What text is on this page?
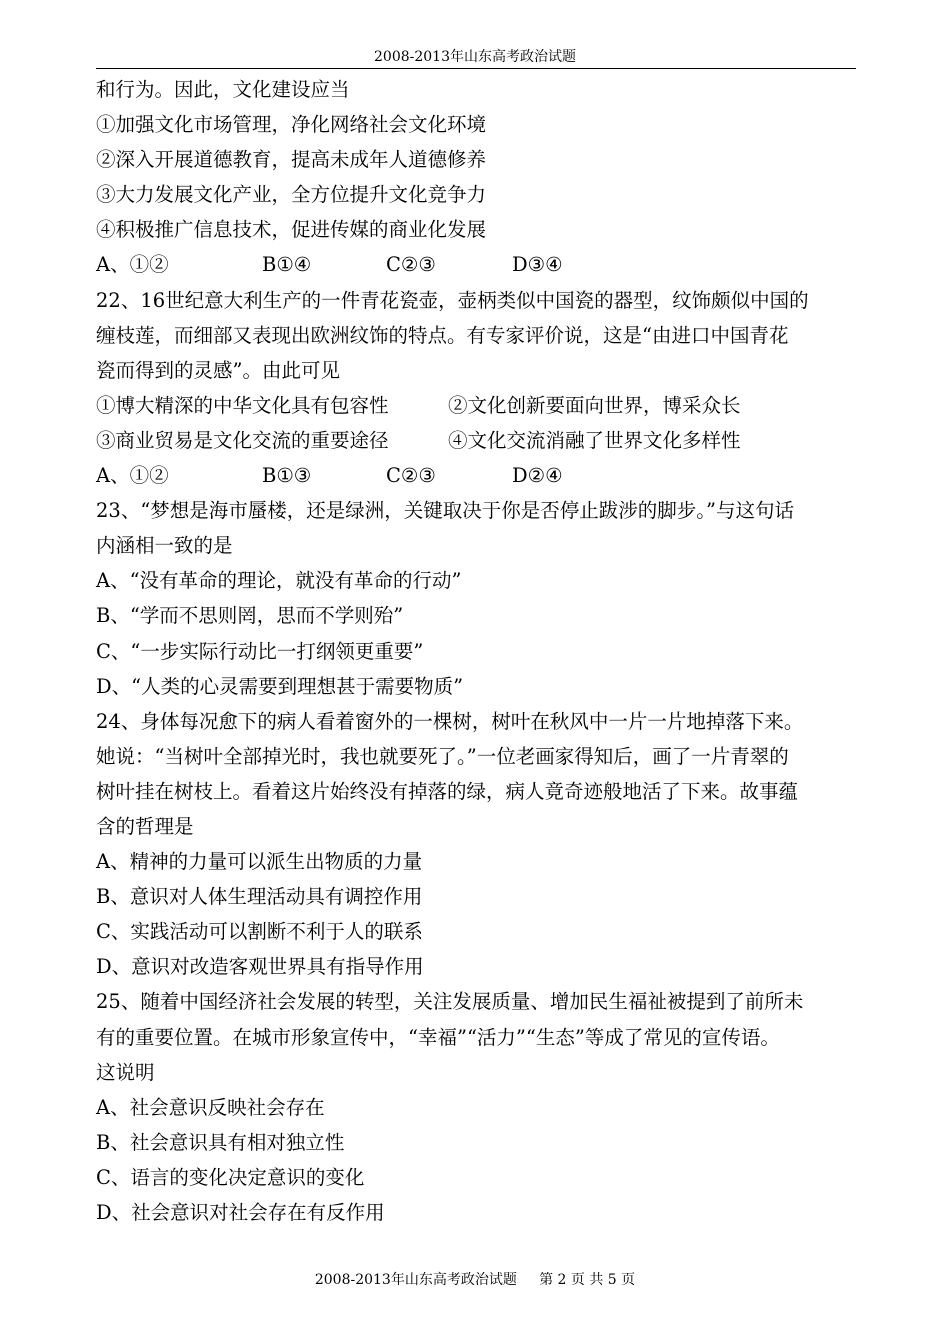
2008-2013年山东高考政治试题
和行为。因此，文化建设应当
①加强文化市场管理，净化网络社会文化环境
②深入开展道德教育，提高未成年人道德修养
③大力发展文化产业，全方位提升文化竞争力
④积极推广信息技术，促进传媒的商业化发展
A、①②	B①④	C②③	D③④
22、16世纪意大利生产的一件青花瓷壶，壶柄类似中国瓷的器型，纹饰颇似中国的
缠枝莲，而细部又表现出欧洲纹饰的特点。有专家评价说，这是“由进口中国青花
瓷而得到的灵感”。由此可见
①博大精深的中华文化具有包容性	②文化创新要面向世界，博采众长
③商业贸易是文化交流的重要途径	④文化交流消融了世界文化多样性
A、①②	B①③	C②③	D②④
23、“梦想是海市蜃楼，还是绿洲，关键取决于你是否停止跋涉的脚步。”与这句话
内涵相一致的是
A、“没有革命的理论，就没有革命的行动”
B、“学而不思则罔，思而不学则殆”
C、“一步实际行动比一打纲领更重要”
D、“人类的心灵需要到理想甚于需要物质”
24、身体每况愈下的病人看着窗外的一棵树，树叶在秋风中一片一片地掉落下来。
她说：“当树叶全部掉光时，我也就要死了。”一位老画家得知后，画了一片青翠的
树叶挂在树枝上。看着这片始终没有掉落的绿，病人竟奇迹般地活了下来。故事蕴
含的哲理是
A、精神的力量可以派生出物质的力量
B、意识对人体生理活动具有调控作用
C、实践活动可以割断不利于人的联系
D、意识对改造客观世界具有指导作用
25、随着中国经济社会发展的转型，关注发展质量、增加民生福祉被提到了前所未
有的重要位置。在城市形象宣传中，“幸福”“活力”“生态”等成了常见的宣传语。
这说明
A、社会意识反映社会存在
B、社会意识具有相对独立性
C、语言的变化决定意识的变化
D、社会意识对社会存在有反作用
2008-2013年山东高考政治试题     第 2 页 共 5 页
